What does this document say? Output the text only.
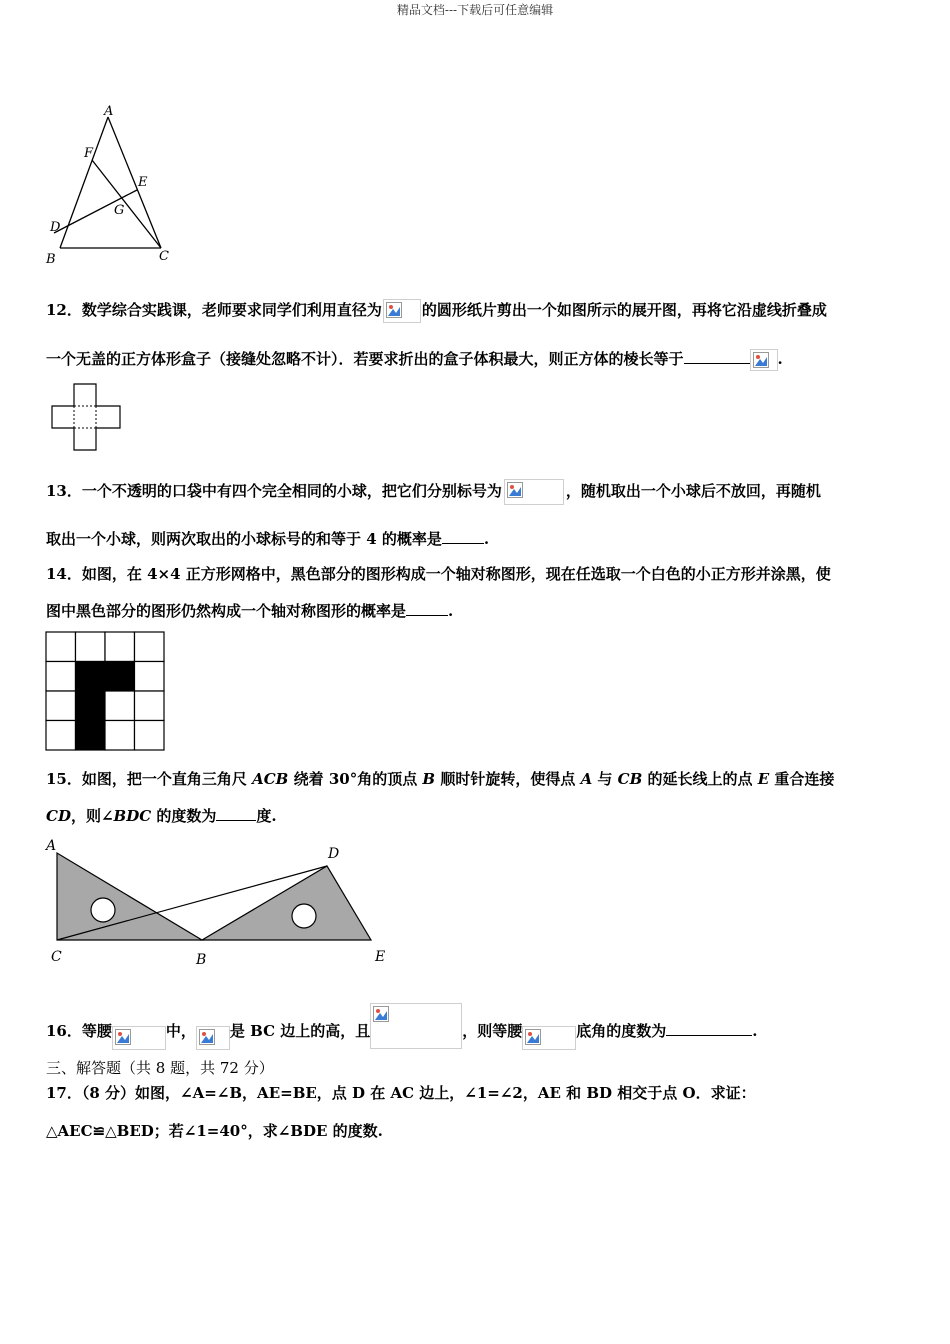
精品文档---下载后可任意编辑
A
F
E
G
D
B	C
12．数学综合实践课，老师要求同学们利用直径为	的圆形纸片剪出一个如图所示的展开图，再将它沿虚线折叠成
一个无盖的正方体形盒子（接缝处忽略不计）．若要求折出的盒子体积最大，则正方体的棱长等于	.
13．一个不透明的口袋中有四个完全相同的小球，把它们分别标号为	，随机取出一个小球后不放回，再随机
取出一个小球，则两次取出的小球标号的和等于 4 的概率是	.
14．如图，在 4×4 正方形网格中，黑色部分的图形构成一个轴对称图形，现在任选取一个白色的小正方形并涂黑，使
图中黑色部分的图形仍然构成一个轴对称图形的概率是	.
15．如图，把一个直角三角尺 ACB 绕着 30°角的顶点 B 顺时针旋转，使得点 A 与 CB 的延长线上的点 E 重合连接
CD，则∠BDC 的度数为	度.
A	D
C	B	E
16．等腰	中， 是 BC 边上的高，且	，则等腰	底角的度数为	.
三、解答题（共 8 题，共 72 分）
17．（8 分）如图，∠A=∠B，AE=BE，点 D 在 AC 边上，∠1=∠2，AE 和 BD 相交于点 O．求证：
△AEC≌△BED；若∠1=40°，求∠BDE 的度数.
